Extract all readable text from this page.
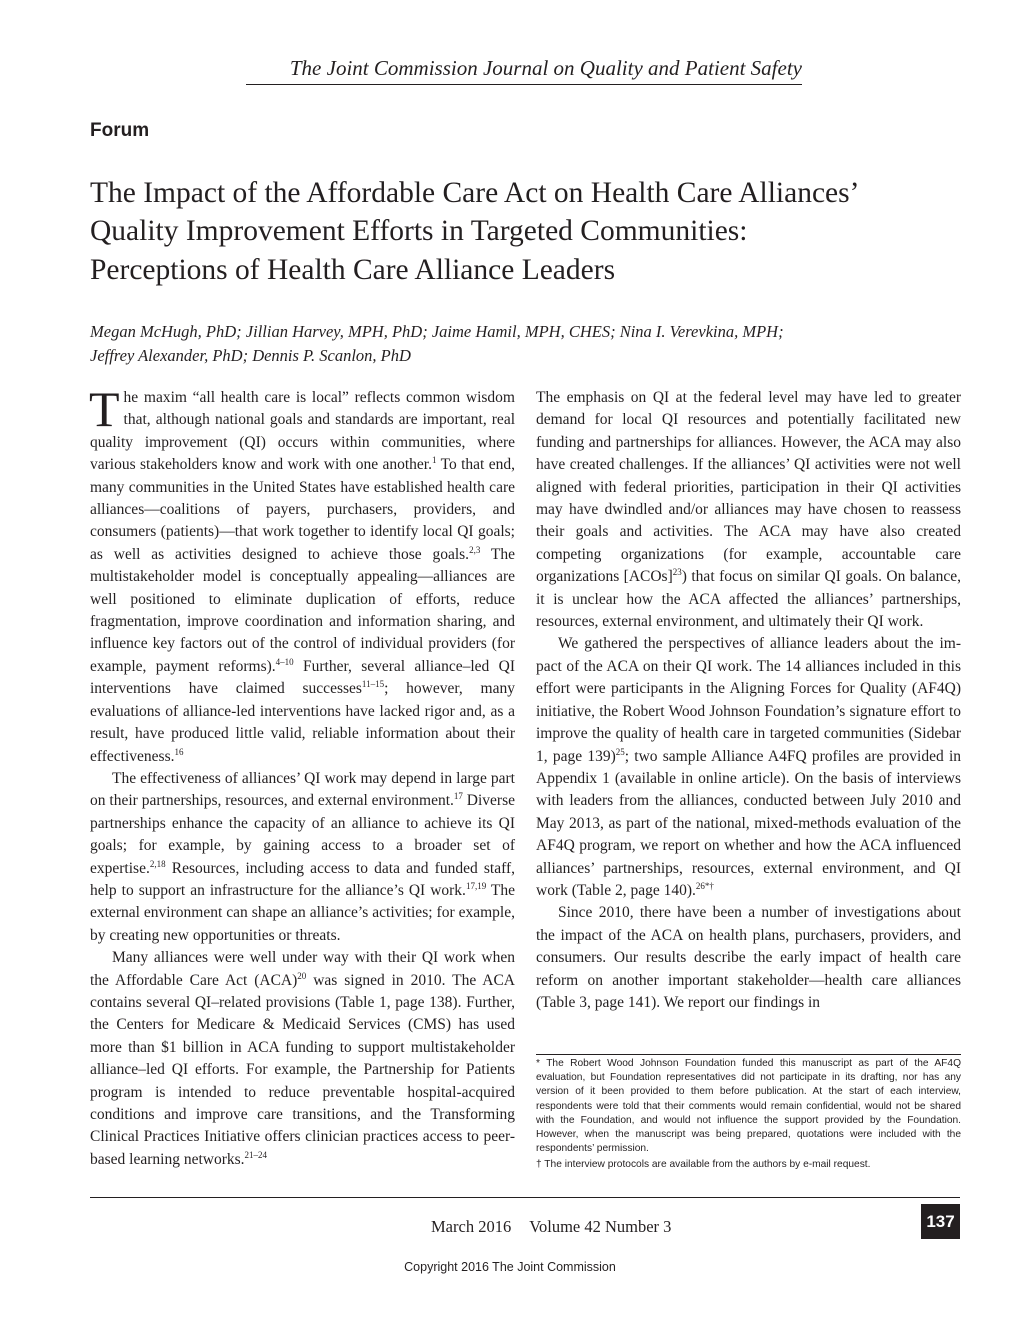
The Joint Commission Journal on Quality and Patient Safety
Forum
The Impact of the Affordable Care Act on Health Care Alliances’
Quality Improvement Efforts in Targeted Communities:
Perceptions of Health Care Alliance Leaders
Megan McHugh, PhD; Jillian Harvey, MPH, PhD; Jaime Hamil, MPH, CHES; Nina I. Verevkina, MPH;
Jeffrey Alexander, PhD; Dennis P. Scanlon, PhD

The maxim “all health care is local” reflects common wisdom that, although national goals and standards are important, real quality improvement (QI) occurs within communities, where various stakeholders know and work with one another.$^1$ To that end, many communities in the United States have established health care alliances—coalitions of payers, purchasers, providers, and consumers (patients)—that work together to identify local QI goals; as well as activities designed to achieve those goals.$^{2,3}$ The multistakeholder model is conceptually appealing—alliances are well positioned to eliminate duplication of efforts, reduce fragmentation, improve coordination and information sharing, and influence key factors out of the control of individual providers (for example, payment reforms).$^{4-10}$ Further, several alliance–led QI interventions have claimed successes$^{11-15}$; however, many evaluations of alliance-led interventions have lacked rigor and, as a result, have produced little valid, reliable information about their effectiveness.$^{16}$

The effectiveness of alliances’ QI work may depend in large part on their partnerships, resources, and external environment.$^{17}$ Diverse partnerships enhance the capacity of an alliance to achieve its QI goals; for example, by gaining access to a broader set of expertise.$^{2,18}$ Resources, including access to data and funded staff, help to support an infrastructure for the alliance’s QI work.$^{17,19}$ The external environment can shape an alliance’s activities; for example, by creating new opportunities or threats.

Many alliances were well under way with their QI work when the Affordable Care Act (ACA)$^{20}$ was signed in 2010. The ACA contains several QI–related provisions (Table 1, page 138). Further, the Centers for Medicare & Medicaid Services (CMS) has used more than $1 billion in ACA funding to support multistakeholder alliance–led QI efforts. For example, the Partnership for Patients program is intended to reduce preventable hospital-acquired conditions and improve care transitions, and the Transforming Clinical Practices Initiative offers clinician practices access to peer-based learning networks.$^{21-24}$

The emphasis on QI at the federal level may have led to greater demand for local QI resources and potentially facilitated new funding and partnerships for alliances. However, the ACA may also have created challenges. If the alliances’ QI activities were not well aligned with federal priorities, participation in their QI activities may have dwindled and/or alliances may have chosen to reassess their goals and activities. The ACA may have also created competing organizations (for example, accountable care organizations [ACOs]$^{23}$) that focus on similar QI goals. On balance, it is unclear how the ACA affected the alliances’ partnerships, resources, external environment, and ultimately their QI work.

We gathered the perspectives of alliance leaders about the impact of the ACA on their QI work. The 14 alliances included in this effort were participants in the Aligning Forces for Quality (AF4Q) initiative, the Robert Wood Johnson Foundation’s signature effort to improve the quality of health care in targeted communities (Sidebar 1, page 139)$^{25}$; two sample Alliance A4FQ profiles are provided in Appendix 1 (available in online article). On the basis of interviews with leaders from the alliances, conducted between July 2010 and May 2013, as part of the national, mixed-methods evaluation of the AF4Q program, we report on whether and how the ACA influenced alliances’ partnerships, resources, external environment, and QI work (Table 2, page 140).$^{26*\dagger}$

Since 2010, there have been a number of investigations about the impact of the ACA on health plans, purchasers, providers, and consumers. Our results describe the early impact of health care reform on another important stakeholder—health care alliances (Table 3, page 141). We report our findings in

* The Robert Wood Johnson Foundation funded this manuscript as part of the AF4Q evaluation, but Foundation representatives did not participate in its drafting, nor has any version of it been provided to them before publication. At the start of each interview, respondents were told that their comments would remain confidential, would not be shared with the Foundation, and would not influence the support provided by the Foundation. However, when the manuscript was being prepared, quotations were included with the respondents’ permission.

† The interview protocols are available from the authors by e-mail request.

March 2016 Volume 42 Number 3	137
Copyright 2016 The Joint Commission
